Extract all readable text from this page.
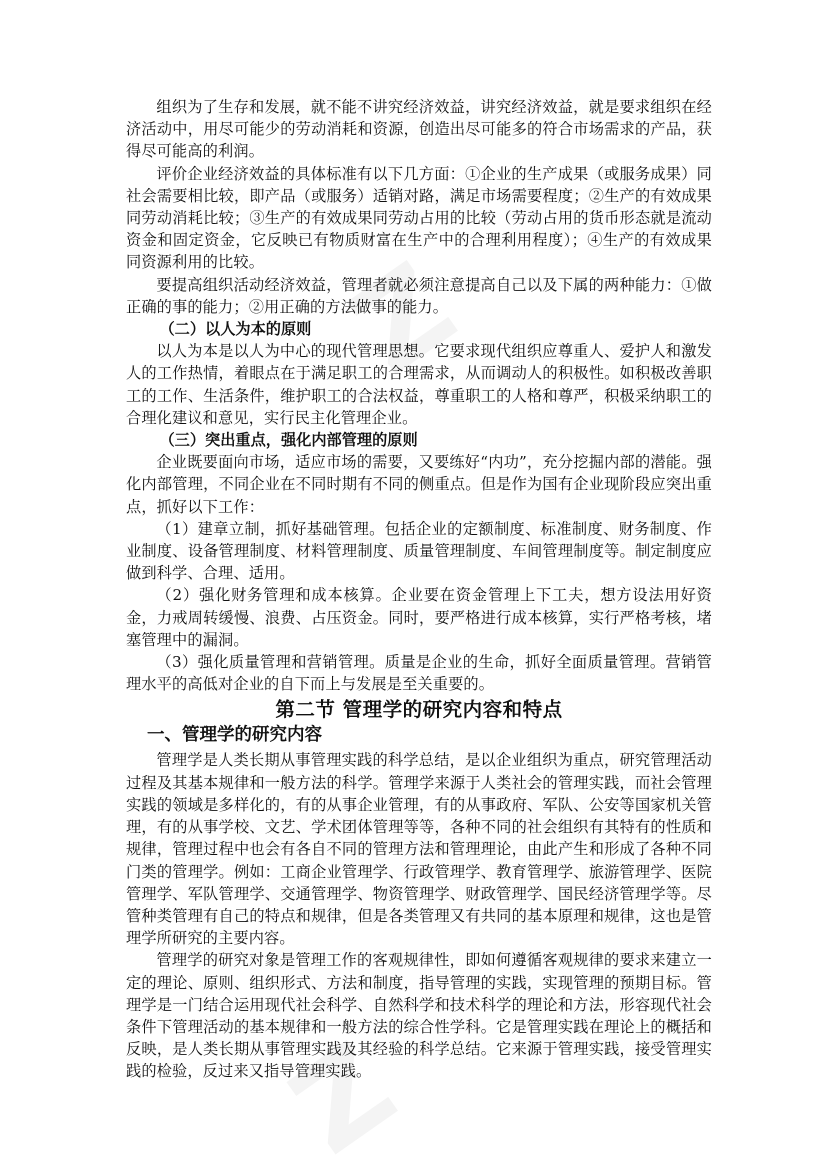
组织为了生存和发展，就不能不讲究经济效益，讲究经济效益，就是要求组织在经济活动中，用尽可能少的劳动消耗和资源，创造出尽可能多的符合市场需求的产品，获得尽可能高的利润。

评价企业经济效益的具体标准有以下几方面：①企业的生产成果（或服务成果）同社会需要相比较，即产品（或服务）适销对路，满足市场需要程度；②生产的有效成果同劳动消耗比较；③生产的有效成果同劳动占用的比较（劳动占用的货币形态就是流动资金和固定资金，它反映已有物质财富在生产中的合理利用程度）；④生产的有效成果同资源利用的比较。

要提高组织活动经济效益，管理者就必须注意提高自己以及下属的两种能力：①做正确的事的能力；②用正确的方法做事的能力。

（二）以人为本的原则

以人为本是以人为中心的现代管理思想。它要求现代组织应尊重人、爱护人和激发人的工作热情，着眼点在于满足职工的合理需求，从而调动人的积极性。如积极改善职工的工作、生活条件，维护职工的合法权益，尊重职工的人格和尊严，积极采纳职工的合理化建议和意见，实行民主化管理企业。

（三）突出重点，强化内部管理的原则

企业既要面向市场，适应市场的需要，又要练好“内功”，充分挖掘内部的潜能。强化内部管理，不同企业在不同时期有不同的侧重点。但是作为国有企业现阶段应突出重点，抓好以下工作：

（1）建章立制，抓好基础管理。包括企业的定额制度、标准制度、财务制度、作业制度、设备管理制度、材料管理制度、质量管理制度、车间管理制度等。制定制度应做到科学、合理、适用。

（2）强化财务管理和成本核算。企业要在资金管理上下工夫，想方设法用好资金，力戒周转缓慢、浪费、占压资金。同时，要严格进行成本核算，实行严格考核，堵塞管理中的漏洞。

（3）强化质量管理和营销管理。质量是企业的生命，抓好全面质量管理。营销管理水平的高低对企业的自下而上与发展是至关重要的。

第二节 管理学的研究内容和特点
一、管理学的研究内容

管理学是人类长期从事管理实践的科学总结，是以企业组织为重点，研究管理活动过程及其基本规律和一般方法的科学。管理学来源于人类社会的管理实践，而社会管理实践的领域是多样化的，有的从事企业管理，有的从事政府、军队、公安等国家机关管理，有的从事学校、文艺、学术团体管理等等，各种不同的社会组织有其特有的性质和规律，管理过程中也会有各自不同的管理方法和管理理论，由此产生和形成了各种不同门类的管理学。例如：工商企业管理学、行政管理学、教育管理学、旅游管理学、医院管理学、军队管理学、交通管理学、物资管理学、财政管理学、国民经济管理学等。尽管种类管理有自己的特点和规律，但是各类管理又有共同的基本原理和规律，这也是管理学所研究的主要内容。

管理学的研究对象是管理工作的客观规律性，即如何遵循客观规律的要求来建立一定的理论、原则、组织形式、方法和制度，指导管理的实践，实现管理的预期目标。管理学是一门结合运用现代社会科学、自然科学和技术科学的理论和方法，形容现代社会条件下管理活动的基本规律和一般方法的综合性学科。它是管理实践在理论上的概括和反映，是人类长期从事管理实践及其经验的科学总结。它来源于管理实践，接受管理实践的检验，反过来又指导管理实践。
